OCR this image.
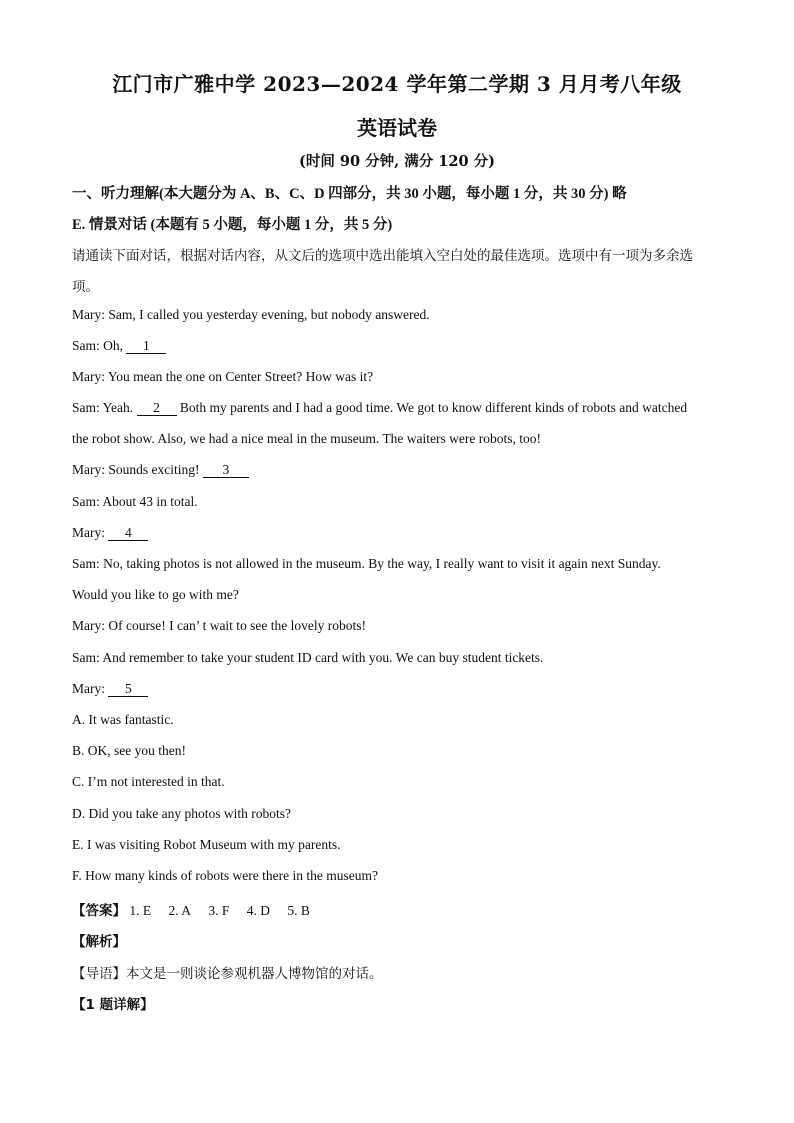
江门市广雅中学 2023—2024 学年第二学期 3 月月考八年级
英语试卷
(时间 90 分钟, 满分 120 分)
一、听力理解(本大题分为 A、B、C、D 四部分，共 30 小题，每小题 1 分，共 30 分) 略
E. 情景对话 (本题有 5 小题，每小题 1 分，共 5 分)
请通读下面对话，根据对话内容，从文后的选项中选出能填入空白处的最佳选项。选项中有一项为多余选
项。
Mary: Sam, I called you yesterday evening, but nobody answered.
Sam: Oh, 1
Mary: You mean the one on Center Street? How was it?
Sam: Yeah. 2 Both my parents and I had a good time. We got to know different kinds of robots and watched
the robot show. Also, we had a nice meal in the museum. The waiters were robots, too!
Mary: Sounds exciting! 3
Sam: About 43 in total.
Mary: 4
Sam: No, taking photos is not allowed in the museum. By the way, I really want to visit it again next Sunday.
Would you like to go with me?
Mary: Of course! I can’ t wait to see the lovely robots!
Sam: And remember to take your student ID card with you. We can buy student tickets.
Mary: 5
A. It was fantastic.
B. OK, see you then!
C. I’m not interested in that.
D. Did you take any photos with robots?
E. I was visiting Robot Museum with my parents.
F. How many kinds of robots were there in the museum?
【答案】 1. E 2. A 3. F 4. D 5. B
【解析】
【导语】本文是一则谈论参观机器人博物馆的对话。
【1 题详解】
